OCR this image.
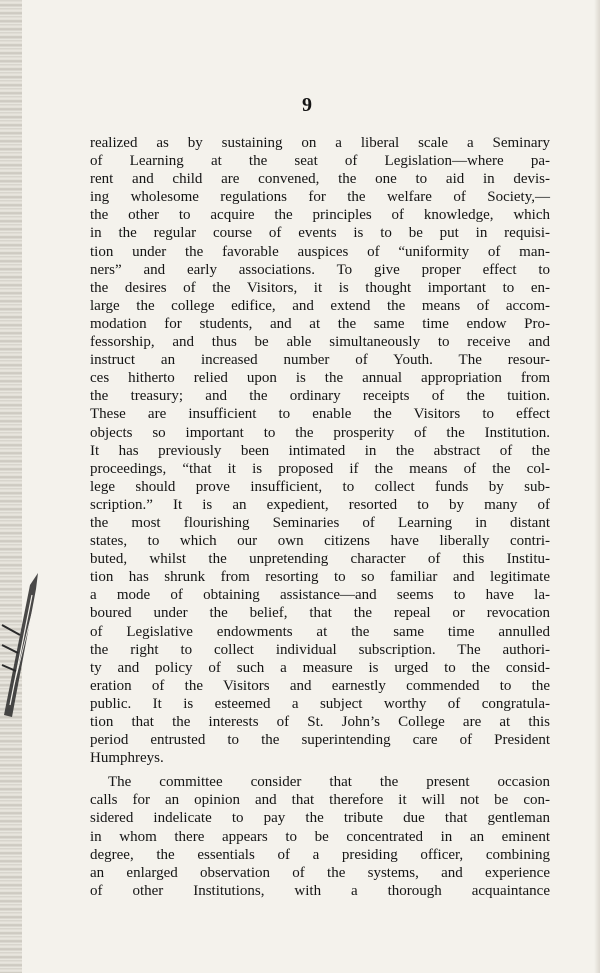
9
realized as by sustaining on a liberal scale a Seminary
of Learning at the seat of Legislation—where pa-
rent and child are convened, the one to aid in devis-
ing wholesome regulations for the welfare of Society,—
the other to acquire the principles of knowledge, which
in the regular course of events is to be put in requisi-
tion under the favorable auspices of “uniformity of man-
ners” and early associations. To give proper effect to
the desires of the Visitors, it is thought important to en-
large the college edifice, and extend the means of accom-
modation for students, and at the same time endow Pro-
fessorship, and thus be able simultaneously to receive and
instruct an increased number of Youth. The resour-
ces hitherto relied upon is the annual appropriation from
the treasury; and the ordinary receipts of the tuition.
These are insufficient to enable the Visitors to effect
objects so important to the prosperity of the Institution.
It has previously been intimated in the abstract of the
proceedings, “that it is proposed if the means of the col-
lege should prove insufficient, to collect funds by sub-
scription.” It is an expedient, resorted to by many of
the most flourishing Seminaries of Learning in distant
states, to which our own citizens have liberally contri-
buted, whilst the unpretending character of this Institu-
tion has shrunk from resorting to so familiar and legitimate
a mode of obtaining assistance—and seems to have la-
boured under the belief, that the repeal or revocation
of Legislative endowments at the same time annulled
the right to collect individual subscription. The authori-
ty and policy of such a measure is urged to the consid-
eration of the Visitors and earnestly commended to the
public. It is esteemed a subject worthy of congratula-
tion that the interests of St. John’s College are at this
period entrusted to the superintending care of President
Humphreys.
The committee consider that the present occasion
calls for an opinion and that therefore it will not be con-
sidered indelicate to pay the tribute due that gentleman
in whom there appears to be concentrated in an eminent
degree, the essentials of a presiding officer, combining
an enlarged observation of the systems, and experience
of other Institutions, with a thorough acquaintance
